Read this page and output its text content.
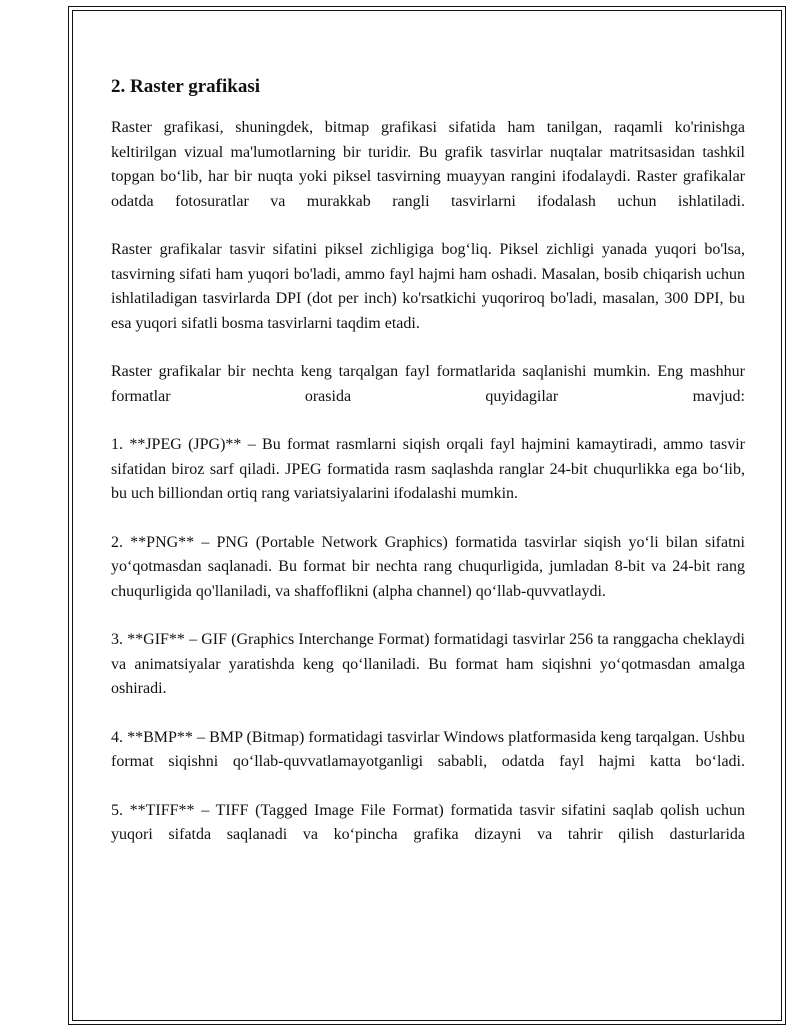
2. Raster grafikasi

Raster grafikasi, shuningdek, bitmap grafikasi sifatida ham tanilgan, raqamli ko'rinishga keltirilgan vizual ma'lumotlarning bir turidir. Bu grafik tasvirlar nuqtalar matritsasidan tashkil topgan bo‘lib, har bir nuqta yoki piksel tasvirning muayyan rangini ifodalaydi. Raster grafikalar odatda fotosuratlar va murakkab rangli tasvirlarni ifodalash uchun ishlatiladi.

Raster grafikalar tasvir sifatini piksel zichligiga bog‘liq. Piksel zichligi yanada yuqori bo'lsa, tasvirning sifati ham yuqori bo'ladi, ammo fayl hajmi ham oshadi. Masalan, bosib chiqarish uchun ishlatiladigan tasvirlarda DPI (dot per inch) ko'rsatkichi yuqoriroq bo'ladi, masalan, 300 DPI, bu esa yuqori sifatli bosma tasvirlarni taqdim etadi.

Raster grafikalar bir nechta keng tarqalgan fayl formatlarida saqlanishi mumkin. Eng mashhur formatlar orasida quyidagilar mavjud:

1. **JPEG (JPG)** – Bu format rasmlarni siqish orqali fayl hajmini kamaytiradi, ammo tasvir sifatidan biroz sarf qiladi. JPEG formatida rasm saqlashda ranglar 24-bit chuqurlikka ega bo‘lib, bu uch billiondan ortiq rang variatsiyalarini ifodalashi mumkin.

2. **PNG** – PNG (Portable Network Graphics) formatida tasvirlar siqish yo‘li bilan sifatni yo‘qotmasdan saqlanadi. Bu format bir nechta rang chuqurligida, jumladan 8-bit va 24-bit rang chuqurligida qo'llaniladi, va shaffoflikni (alpha channel) qo‘llab-quvvatlaydi.

3. **GIF** – GIF (Graphics Interchange Format) formatidagi tasvirlar 256 ta ranggacha cheklaydi va animatsiyalar yaratishda keng qo‘llaniladi. Bu format ham siqishni yo‘qotmasdan amalga oshiradi.

4. **BMP** – BMP (Bitmap) formatidagi tasvirlar Windows platformasida keng tarqalgan. Ushbu format siqishni qo‘llab-quvvatlamayotganligi sababli, odatda fayl hajmi katta bo‘ladi.

5. **TIFF** – TIFF (Tagged Image File Format) formatida tasvir sifatini saqlab qolish uchun yuqori sifatda saqlanadi va ko‘pincha grafika dizayni va tahrir qilish dasturlarida
